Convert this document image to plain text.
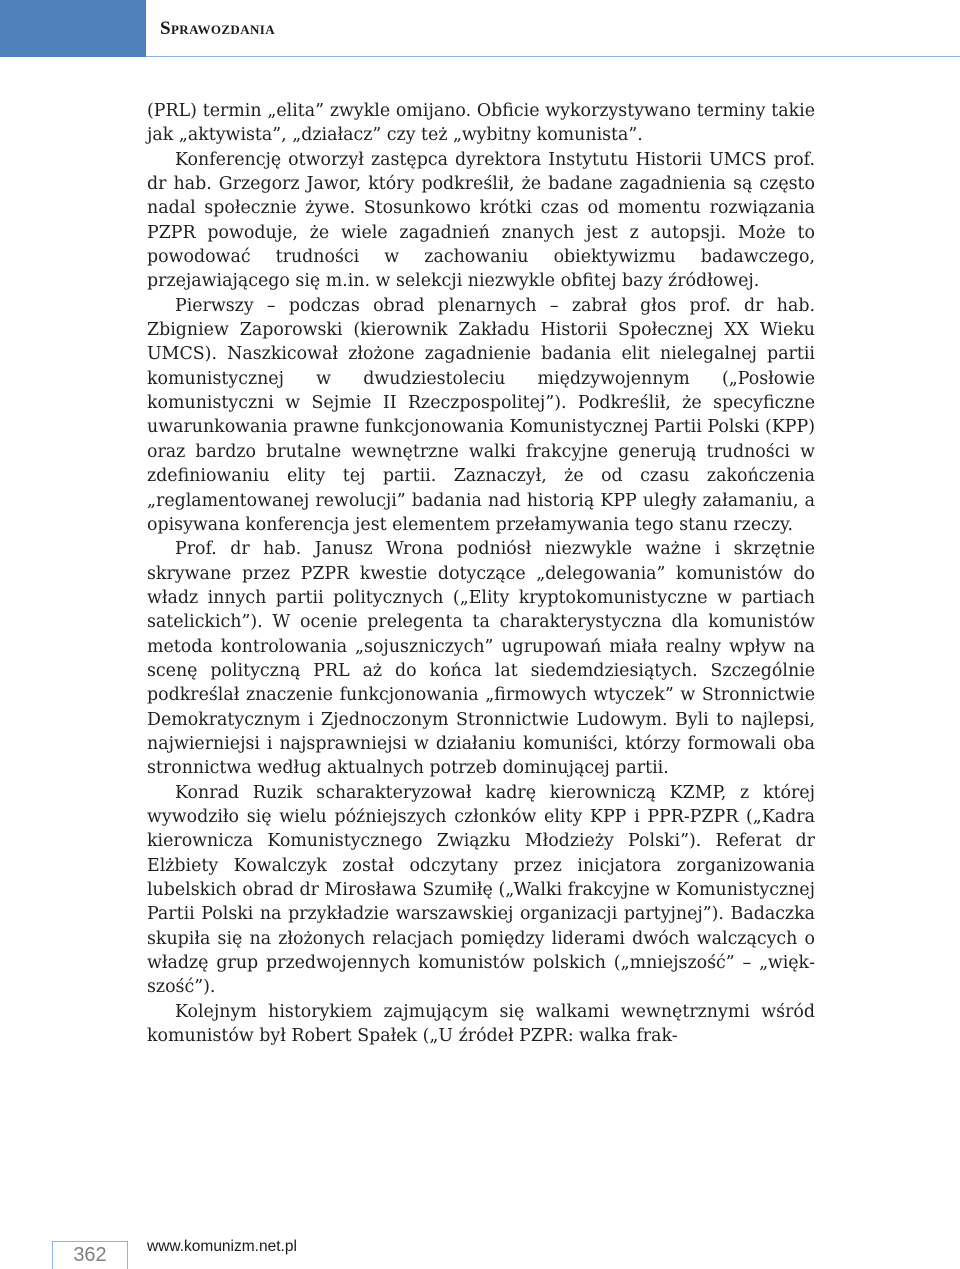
Sprawozdania

(PRL) termin „elita” zwykle omijano. Obficie wykorzystywano terminy takie jak „aktywista”, „działacz” czy też „wybitny komunista”.

Konferencję otworzył zastępca dyrektora Instytutu Historii UMCS prof. dr hab. Grzegorz Jawor, który podkreślił, że badane zagadnienia są często nadal społecznie żywe. Stosunkowo krótki czas od momentu rozwiązania PZPR powoduje, że wiele zagadnień znanych jest z autopsji. Może to powodować trudności w zachowaniu obiektywizmu badawczego, przejawiającego się m.in. w selekcji niezwykle obfitej bazy źródłowej.

Pierwszy – podczas obrad plenarnych – zabrał głos prof. dr hab. Zbigniew Zaporowski (kierownik Zakładu Historii Społecznej XX Wieku UMCS). Naszkicował złożone zagadnienie badania elit nielegalnej partii komunistycznej w dwudziestoleciu międzywojennym („Posłowie komunistyczni w Sejmie II Rzeczpospolitej”). Podkreślił, że specyficzne uwarunkowania prawne funkcjonowania Komunistycznej Partii Polski (KPP) oraz bardzo brutalne wewnętrzne walki frakcyjne generują trudności w zdefiniowaniu elity tej partii. Zaznaczył, że od czasu zakończenia „reglamentowanej rewolucji” badania nad historią KPP uległy załamaniu, a opisywana konferencja jest elementem przełamywania tego stanu rzeczy.

Prof. dr hab. Janusz Wrona podniósł niezwykle ważne i skrzętnie skrywane przez PZPR kwestie dotyczące „delegowania” komunistów do władz innych partii politycznych („Elity kryptokomunistyczne w partiach satelickich”). W ocenie prelegenta ta charakterystyczna dla komunistów metoda kontrolowania „sojuszniczych” ugrupowań miała realny wpływ na scenę polityczną PRL aż do końca lat siedemdziesiątych. Szczególnie podkreślał znaczenie funkcjonowania „firmowych wtyczek” w Stronnictwie Demokratycznym i Zjednoczonym Stronnictwie Ludowym. Byli to najlepsi, najwierniejsi i najsprawniejsi w działaniu komuniści, którzy formowali oba stronnictwa według aktualnych potrzeb dominującej partii.

Konrad Ruzik scharakteryzował kadrę kierowniczą KZMP, z której wywodziło się wielu późniejszych członków elity KPP i PPR-PZPR („Kadra kierownicza Komunistycznego Związku Młodzieży Polski”). Referat dr Elżbiety Kowalczyk został odczytany przez inicjatora zorganizowania lubelskich obrad dr Mirosława Szumiłę („Walki frakcyjne w Komunistycznej Partii Polski na przykładzie warszawskiej organizacji partyjnej”). Badaczka skupiła się na złożonych relacjach pomiędzy liderami dwóch walczących o władzę grup przedwojennych komunistów polskich („mniejszość” – „większość”).

Kolejnym historykiem zajmującym się walkami wewnętrznymi wśród komunistów był Robert Spałek („U źródeł PZPR: walka frak-

362	www.komunizm.net.pl
